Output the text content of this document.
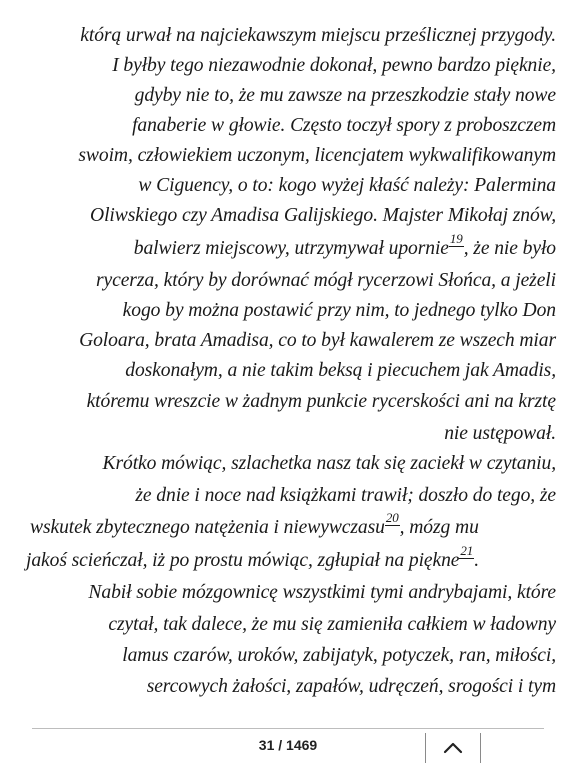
którą urwał na najciekawszym miejscu prześlicznej przygody.
I byłby tego niezawodnie dokonał, pewno bardzo pięknie,
gdyby nie to, że mu zawsze na przeszkodzie stały nowe
fanaberie w głowie. Często toczył spory z proboszczem
swoim, człowiekiem uczonym, licencjatem wykwalifikowanym
w Ciguency, o to: kogo wyżej kłaść należy: Palermina
Oliwskiego czy Amadisa Galijskiego. Majster Mikołaj znów,
balwierz miejscowy, utrzymywał upornie$^{19}$, że nie było
rycerza, który by dorównać mógł rycerzowi Słońca, a jeżeli
kogo by można postawić przy nim, to jednego tylko Don
Goloara, brata Amadisa, co to był kawalerem ze wszech miar
doskonałym, a nie takim beksą i piecuchem jak Amadis,
któremu wreszcie w żadnym punkcie rycerskości ani na krztę
nie ustępował.
Krótko mówiąc, szlachetka nasz tak się zaciekł w czytaniu,
że dnie i noce nad książkami trawił; doszło do tego, że
wskutek zbytecznego natężenia i niewywczasu$^{20}$, mózg mu
jakoś scieńczał, iż po prostu mówiąc, zgłupiał na piękne$^{21}$.
Nabił sobie mózgownicę wszystkimi tymi andrybajami, które
czytał, tak dalece, że mu się zamieniła całkiem w ładowny
lamus czarów, uroków, zabijatyk, potyczek, ran, miłości,
sercowych żałości, zapałów, udręczeń, srogości i tym
31 / 1469
